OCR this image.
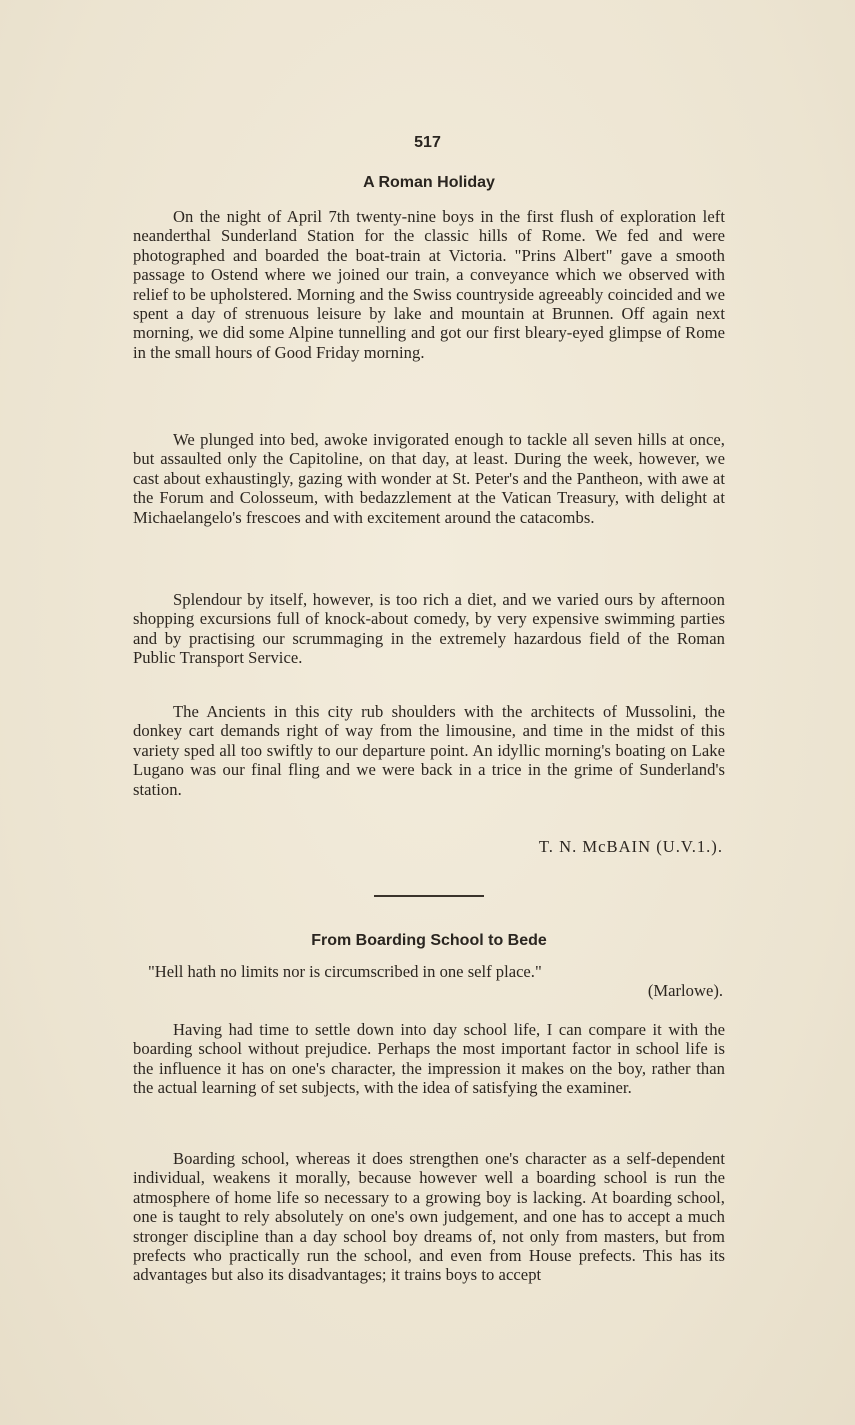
517
A Roman Holiday

On the night of April 7th twenty-nine boys in the first flush of exploration left neanderthal Sunderland Station for the classic hills of Rome. We fed and were photographed and boarded the boat-train at Victoria. "Prins Albert" gave a smooth passage to Ostend where we joined our train, a conveyance which we observed with relief to be upholstered. Morning and the Swiss countryside agreeably coincided and we spent a day of strenuous leisure by lake and mountain at Brunnen. Off again next morning, we did some Alpine tunnelling and got our first bleary-eyed glimpse of Rome in the small hours of Good Friday morning.

We plunged into bed, awoke invigorated enough to tackle all seven hills at once, but assaulted only the Capitoline, on that day, at least. During the week, however, we cast about exhaustingly, gazing with wonder at St. Peter's and the Pantheon, with awe at the Forum and Colosseum, with bedazzlement at the Vatican Treasury, with delight at Michaelangelo's frescoes and with excitement around the catacombs.

Splendour by itself, however, is too rich a diet, and we varied ours by afternoon shopping excursions full of knock-about comedy, by very expensive swimming parties and by practising our scrummaging in the extremely hazardous field of the Roman Public Transport Service.

The Ancients in this city rub shoulders with the architects of Mussolini, the donkey cart demands right of way from the limousine, and time in the midst of this variety sped all too swiftly to our departure point. An idyllic morning's boating on Lake Lugano was our final fling and we were back in a trice in the grime of Sunderland's station.

T. N. McBAIN (U.V.1.).

From Boarding School to Bede

"Hell hath no limits nor is circumscribed in one self place."

(Marlowe).

Having had time to settle down into day school life, I can compare it with the boarding school without prejudice. Perhaps the most important factor in school life is the influence it has on one's character, the impression it makes on the boy, rather than the actual learning of set subjects, with the idea of satisfying the examiner.

Boarding school, whereas it does strengthen one's character as a self-dependent individual, weakens it morally, because however well a boarding school is run the atmosphere of home life so necessary to a growing boy is lacking. At boarding school, one is taught to rely absolutely on one's own judgement, and one has to accept a much stronger discipline than a day school boy dreams of, not only from masters, but from prefects who practically run the school, and even from House prefects. This has its advantages but also its disadvantages; it trains boys to accept
